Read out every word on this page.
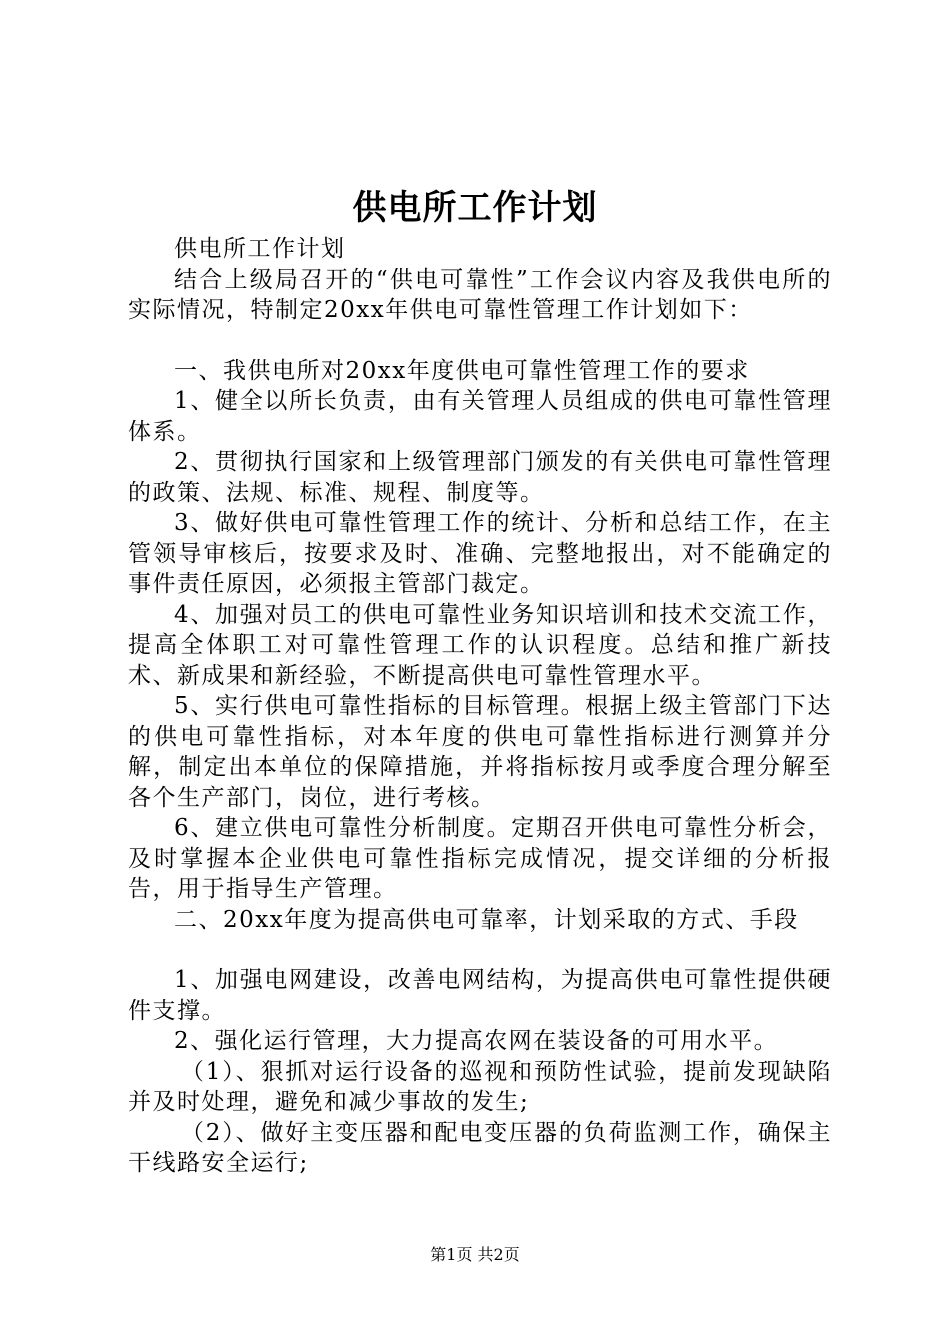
供电所工作计划

供电所工作计划

结合上级局召开的“供电可靠性”工作会议内容及我供电所的实际情况，特制定20xx年供电可靠性管理工作计划如下：

一、我供电所对20xx年度供电可靠性管理工作的要求

1、健全以所长负责，由有关管理人员组成的供电可靠性管理体系。

2、贯彻执行国家和上级管理部门颁发的有关供电可靠性管理的政策、法规、标准、规程、制度等。

3、做好供电可靠性管理工作的统计、分析和总结工作，在主管领导审核后，按要求及时、准确、完整地报出，对不能确定的事件责任原因，必须报主管部门裁定。

4、加强对员工的供电可靠性业务知识培训和技术交流工作，提高全体职工对可靠性管理工作的认识程度。总结和推广新技术、新成果和新经验，不断提高供电可靠性管理水平。

5、实行供电可靠性指标的目标管理。根据上级主管部门下达的供电可靠性指标，对本年度的供电可靠性指标进行测算并分解，制定出本单位的保障措施，并将指标按月或季度合理分解至各个生产部门，岗位，进行考核。

6、建立供电可靠性分析制度。定期召开供电可靠性分析会，及时掌握本企业供电可靠性指标完成情况，提交详细的分析报告，用于指导生产管理。

二、20xx年度为提高供电可靠率，计划采取的方式、手段

1、加强电网建设，改善电网结构，为提高供电可靠性提供硬件支撑。

2、强化运行管理，大力提高农网在装设备的可用水平。

（1）、狠抓对运行设备的巡视和预防性试验，提前发现缺陷并及时处理，避免和减少事故的发生;

（2）、做好主变压器和配电变压器的负荷监测工作，确保主干线路安全运行;

第1页 共2页
